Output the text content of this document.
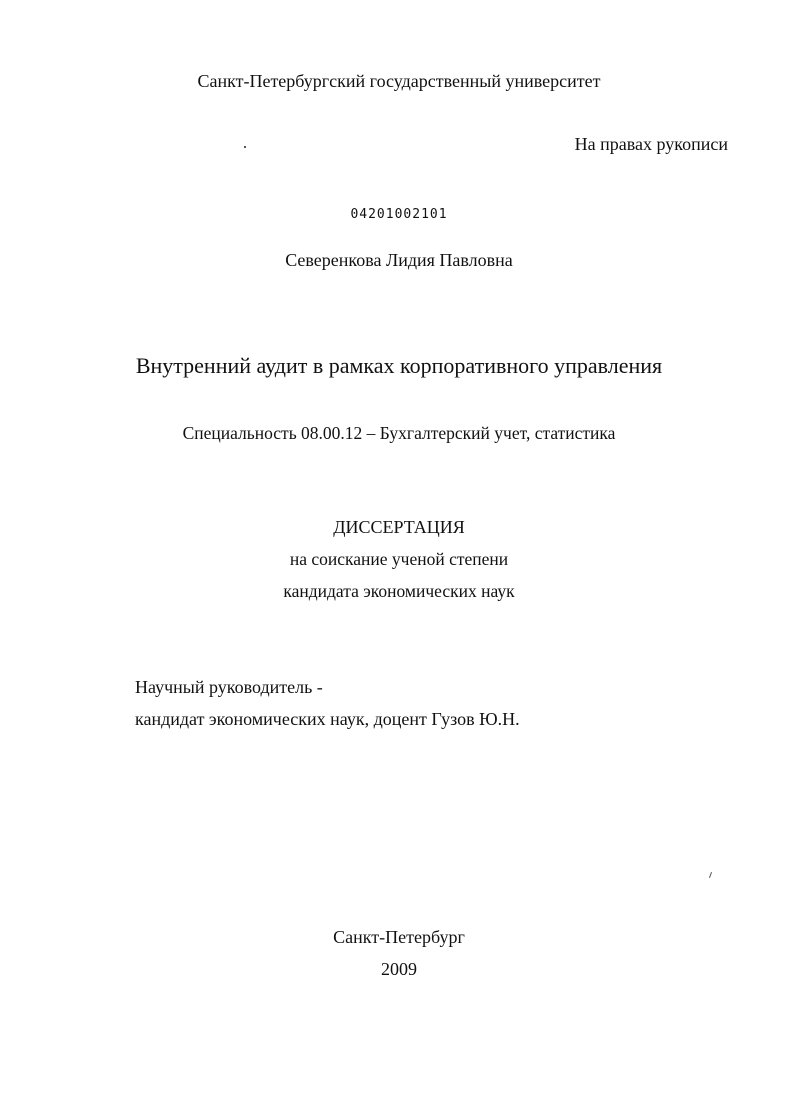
Санкт-Петербургский государственный университет
На правах рукописи
04201002101
Северенкова Лидия Павловна
Внутренний аудит в рамках корпоративного управления
Специальность 08.00.12 – Бухгалтерский учет, статистика
ДИССЕРТАЦИЯ
на соискание ученой степени
кандидата экономических наук
Научный руководитель -
кандидат экономических наук, доцент Гузов Ю.Н.
Санкт-Петербург
2009
